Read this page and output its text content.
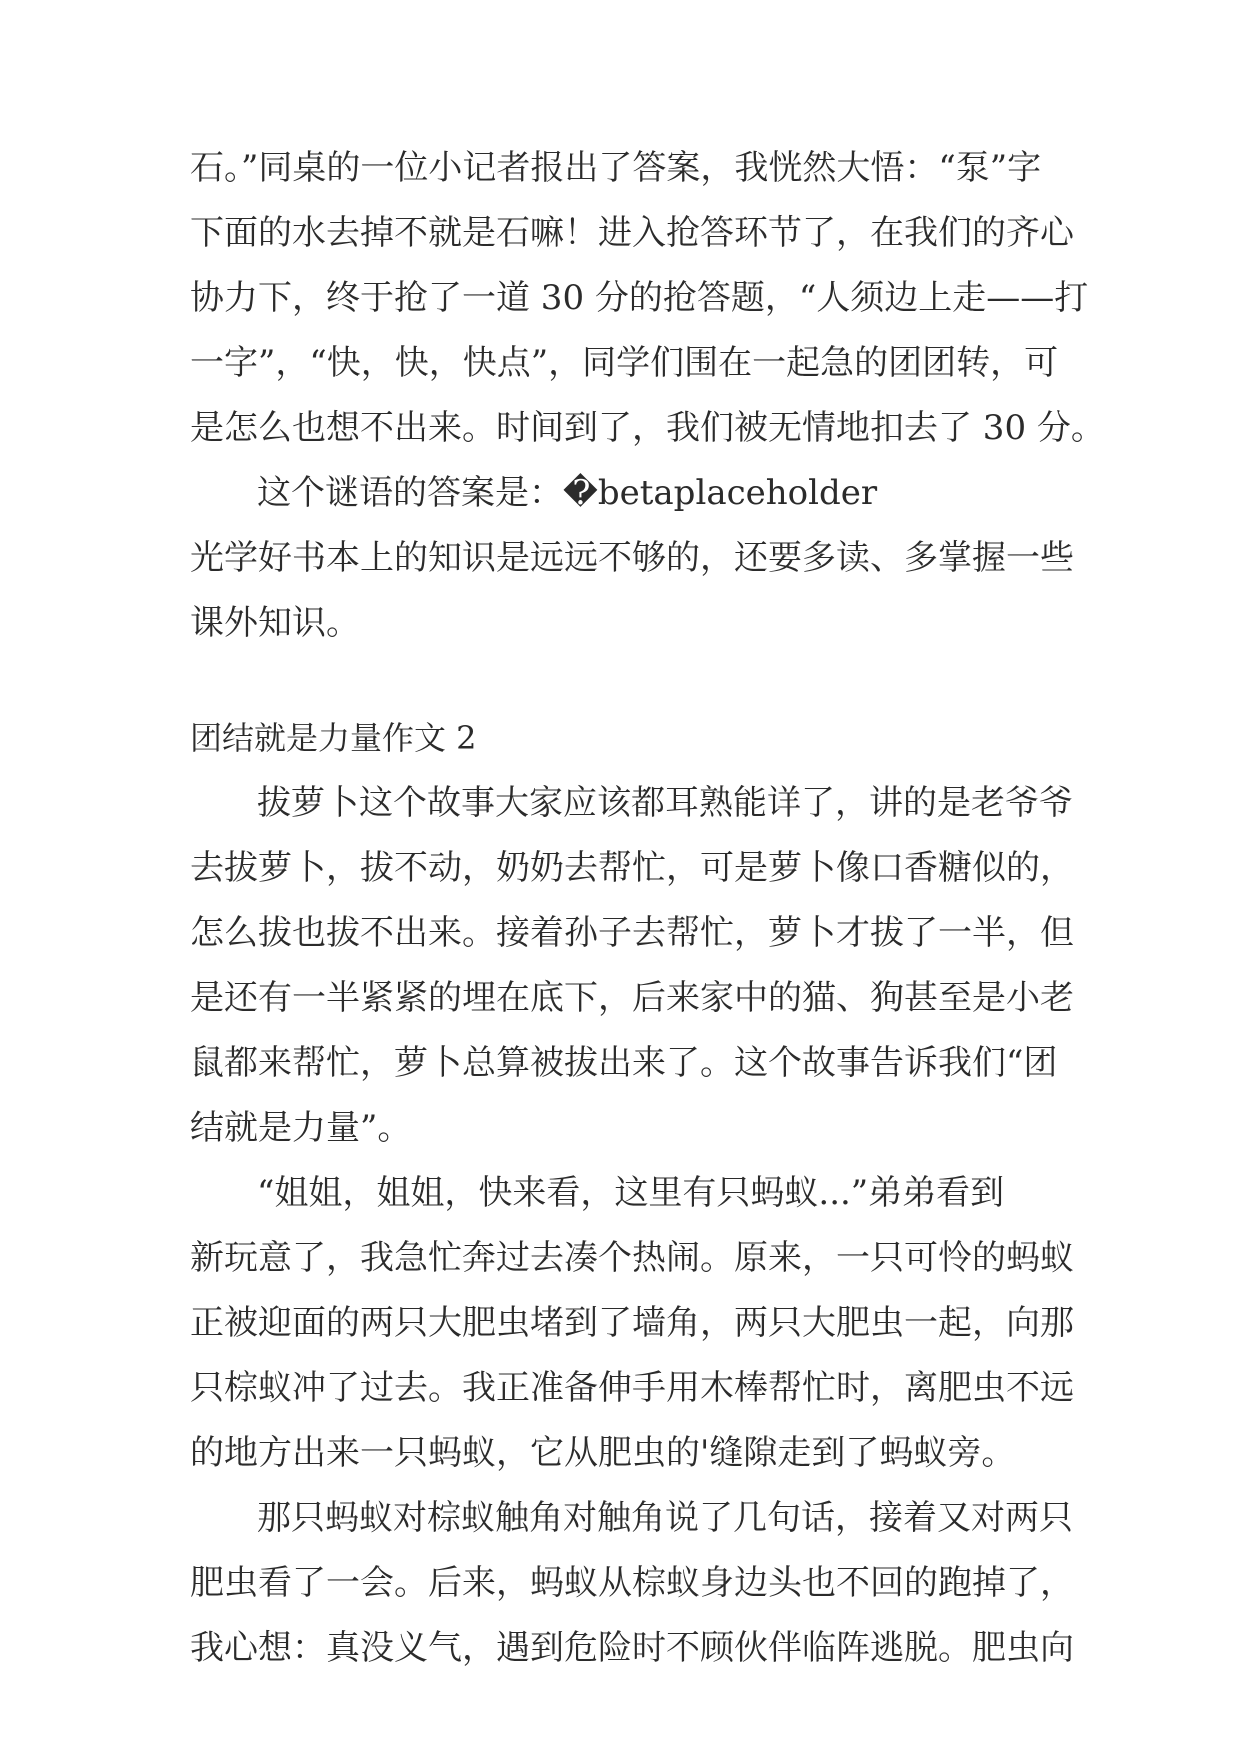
石。”同桌的一位小记者报出了答案，我恍然大悟：“泵”字

下面的水去掉不就是石嘛！进入抢答环节了，在我们的齐心

协力下，终于抢了一道 30 分的抢答题，“人须边上走——打

一字”，“快，快，快点”，同学们围在一起急的团团转，可

是怎么也想不出来。时间到了，我们被无情地扣去了 30 分。

这个谜语的答案是：�betaplaceholder

光学好书本上的知识是远远不够的，还要多读、多掌握一些

课外知识。

团结就是力量作文 2

拔萝卜这个故事大家应该都耳熟能详了，讲的是老爷爷

去拔萝卜，拔不动，奶奶去帮忙，可是萝卜像口香糖似的，

怎么拔也拔不出来。接着孙子去帮忙，萝卜才拔了一半，但

是还有一半紧紧的埋在底下，后来家中的猫、狗甚至是小老

鼠都来帮忙，萝卜总算被拔出来了。这个故事告诉我们“团

结就是力量”。

“姐姐，姐姐，快来看，这里有只蚂蚁...”弟弟看到

新玩意了，我急忙奔过去凑个热闹。原来，一只可怜的蚂蚁

正被迎面的两只大肥虫堵到了墙角，两只大肥虫一起，向那

只棕蚁冲了过去。我正准备伸手用木棒帮忙时，离肥虫不远

的地方出来一只蚂蚁，它从肥虫的'缝隙走到了蚂蚁旁。

那只蚂蚁对棕蚁触角对触角说了几句话，接着又对两只

肥虫看了一会。后来，蚂蚁从棕蚁身边头也不回的跑掉了，

我心想：真没义气，遇到危险时不顾伙伴临阵逃脱。肥虫向
